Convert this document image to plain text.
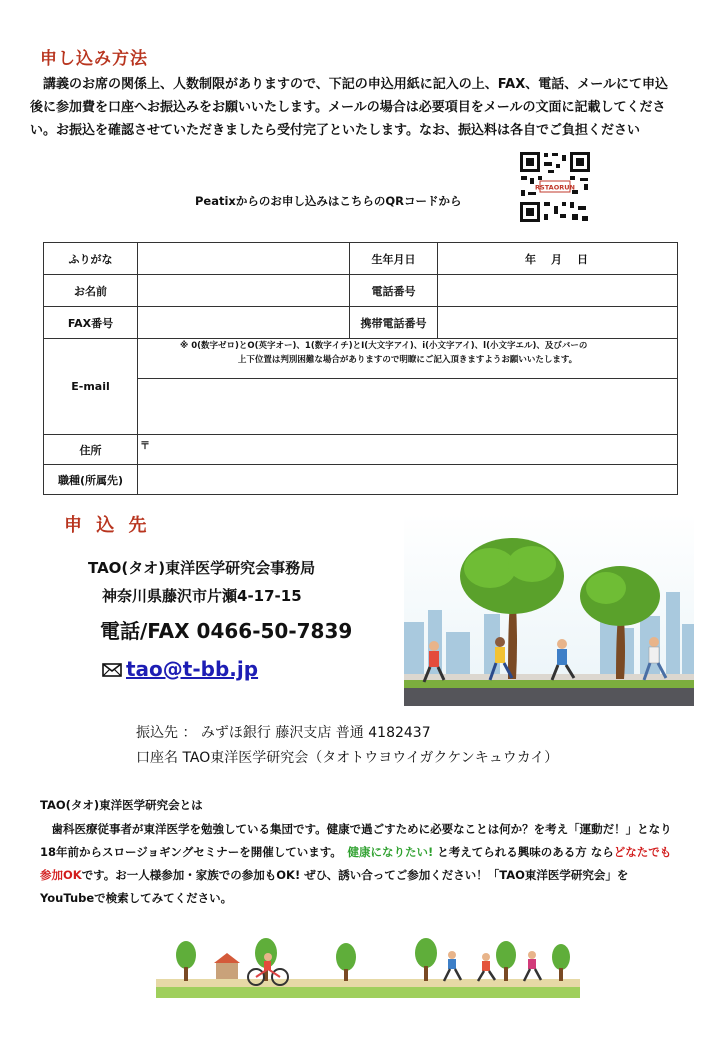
申し込み方法
　講義のお席の関係上、人数制限がありますので、下記の申込用紙に記入の上、FAX、電話、メールにて申込後に参加費を口座へお振込みをお願いいたします。メールの場合は必要項目をメールの文面に記載してください。お振込を確認させていただきましたら受付完了といたします。なお、振込料は各自でご負担ください
RSTAORUN
Peatixからのお申し込みはこちらのQRコードから
ふりがな		生年月日	年　月　日
お名前		電話番号	
FAX番号		携帯電話番号	
E-mail	※ 0(数字ゼロ)とO(英字オー)、1(数字イチ)とI(大文字アイ)、i(小文字アイ)、l(小文字エル)、及びバーの
上下位置は判別困難な場合がありますので明瞭にご記入頂きますようお願いいたします。		

住所	〒		
職種(所属先)			
申 込 先
TAO(タオ)東洋医学研究会事務局
神奈川県藤沢市片瀬4-17-15
電話/FAX 0466-50-7839
tao@t-bb.jp
振込先 ： みずほ銀行 藤沢支店 普通 4182437
口座名 TAO東洋医学研究会（タオトウヨウイガクケンキュウカイ）
TAO(タオ)東洋医学研究会とは
　歯科医療従事者が東洋医学を勉強している集団です。健康で過ごすために必要なことは何か？を考え「運動だ！」となり18年前からスロージョギングセミナーを開催しています。　 健康になりたい! と考えてられる興味のある方 ならどなたでも参加OKです。お一人様参加・家族での参加もOK! ぜひ、誘い合ってご参加ください！「TAO東洋医学研究会」をYouTubeで検索してみてください。
